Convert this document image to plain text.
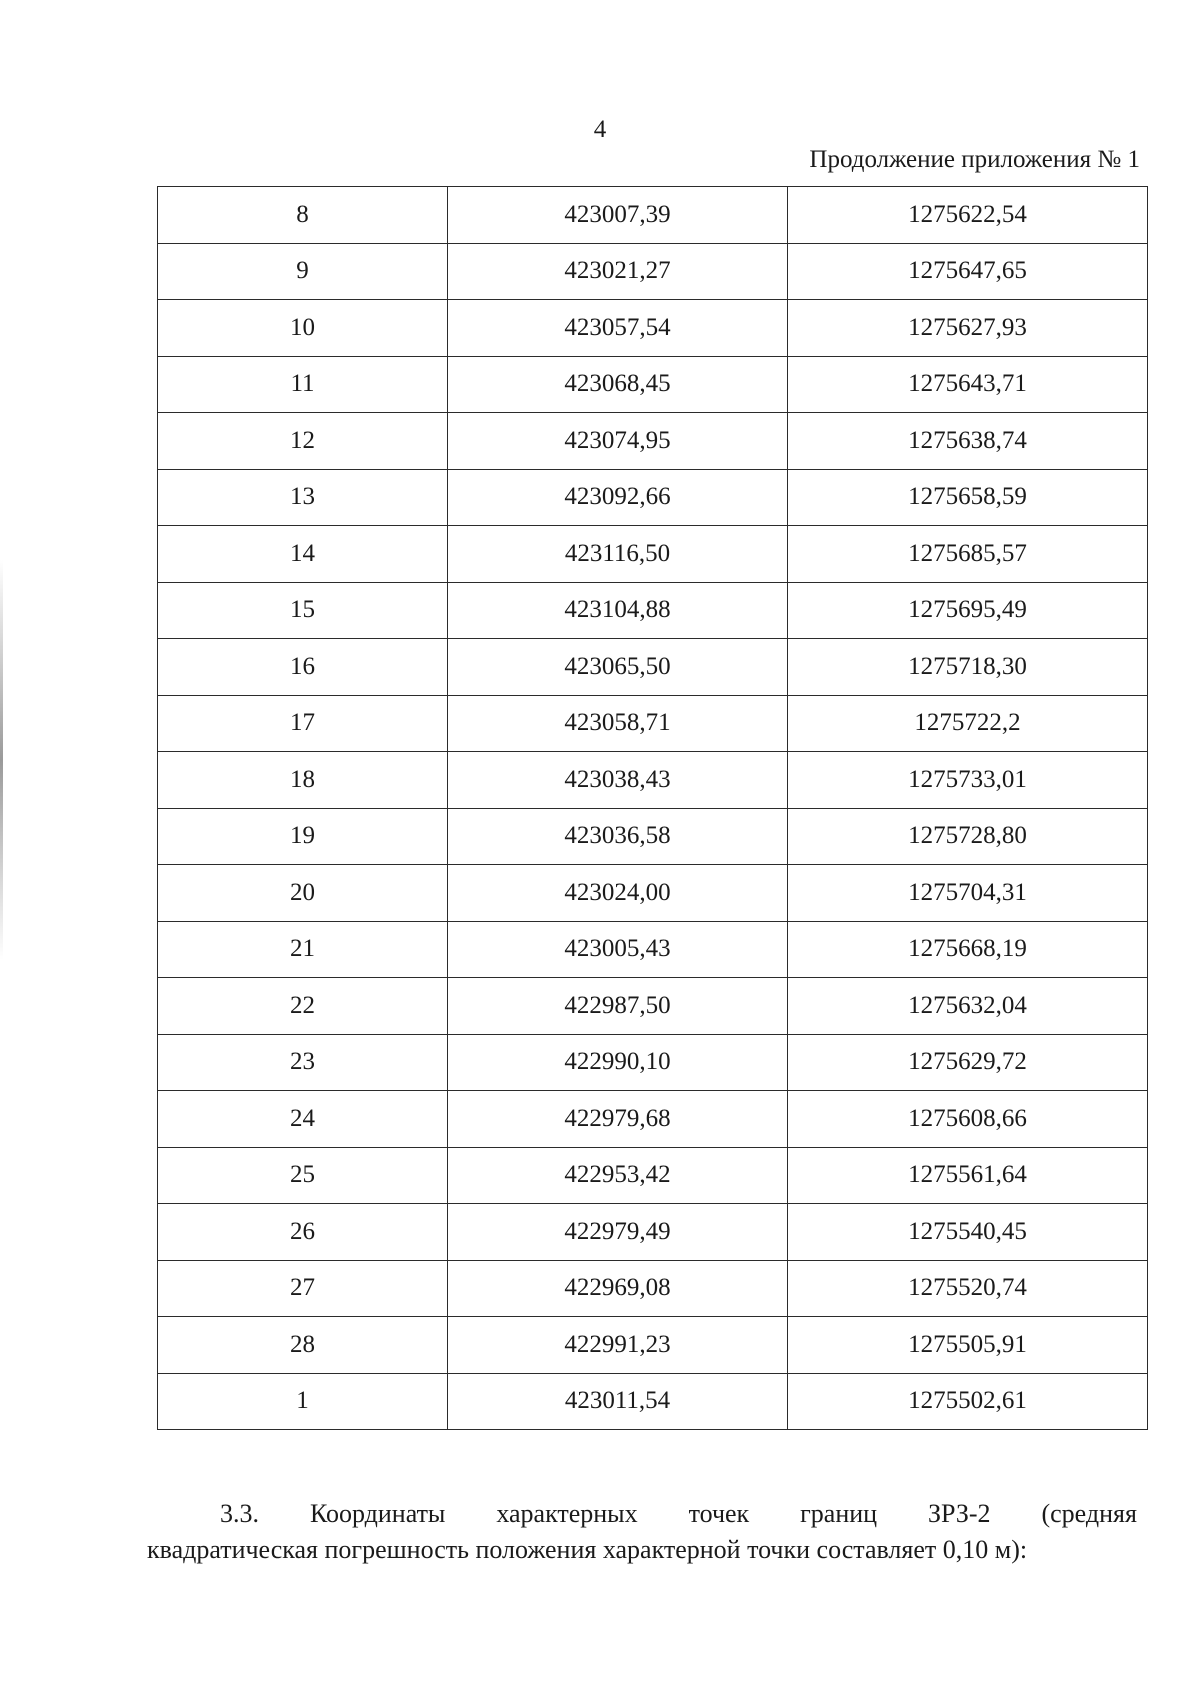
4
Продолжение приложения № 1
8	423007,39	1275622,54
9	423021,27	1275647,65
10	423057,54	1275627,93
11	423068,45	1275643,71
12	423074,95	1275638,74
13	423092,66	1275658,59
14	423116,50	1275685,57
15	423104,88	1275695,49
16	423065,50	1275718,30
17	423058,71	1275722,2
18	423038,43	1275733,01
19	423036,58	1275728,80
20	423024,00	1275704,31
21	423005,43	1275668,19
22	422987,50	1275632,04
23	422990,10	1275629,72
24	422979,68	1275608,66
25	422953,42	1275561,64
26	422979,49	1275540,45
27	422969,08	1275520,74
28	422991,23	1275505,91
1	423011,54	1275502,61
3.3. Координаты характерных точек границ ЗРЗ-2 (средняя
квадратическая погрешность положения характерной точки составляет 0,10 м):
